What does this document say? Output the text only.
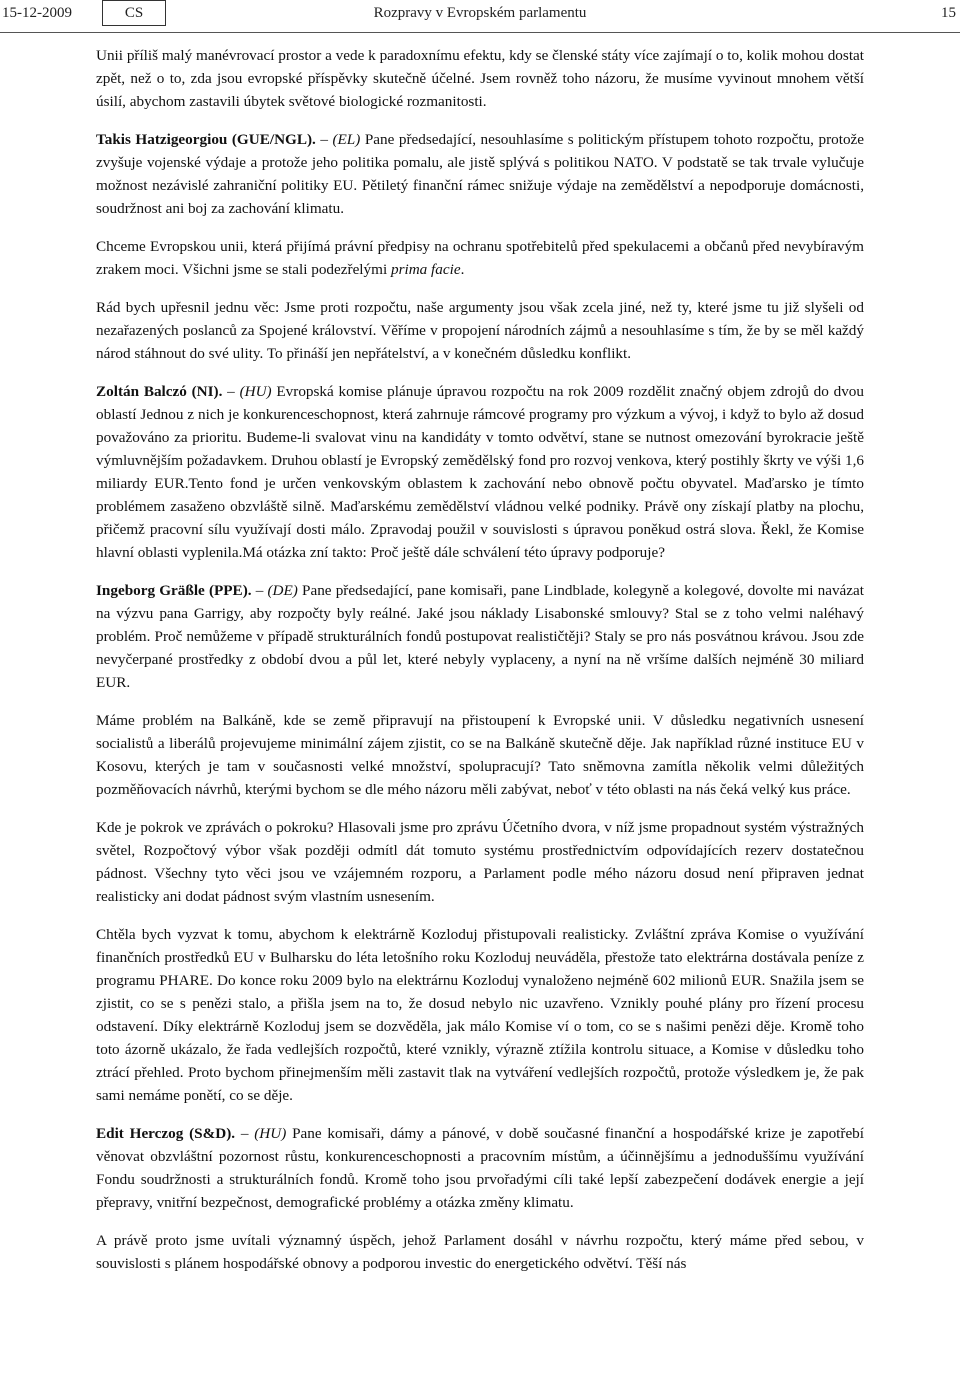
15-12-2009	CS	Rozpravy v Evropském parlamentu	15

Unii příliš malý manévrovací prostor a vede k paradoxnímu efektu, kdy se členské státy více zajímají o to, kolik mohou dostat zpět, než o to, zda jsou evropské příspěvky skutečně účelné. Jsem rovněž toho názoru, že musíme vyvinout mnohem větší úsilí, abychom zastavili úbytek světové biologické rozmanitosti.

Takis Hatzigeorgiou (GUE/NGL). – (EL) Pane předsedající, nesouhlasíme s politickým přístupem tohoto rozpočtu, protože zvyšuje vojenské výdaje a protože jeho politika pomalu, ale jistě splývá s politikou NATO. V podstatě se tak trvale vylučuje možnost nezávislé zahraniční politiky EU. Pětiletý finanční rámec snižuje výdaje na zemědělství a nepodporuje domácnosti, soudržnost ani boj za zachování klimatu.

Chceme Evropskou unii, která přijímá právní předpisy na ochranu spotřebitelů před spekulacemi a občanů před nevybíravým zrakem moci. Všichni jsme se stali podezřelými prima facie.

Rád bych upřesnil jednu věc: Jsme proti rozpočtu, naše argumenty jsou však zcela jiné, než ty, které jsme tu již slyšeli od nezařazených poslanců za Spojené království. Věříme v propojení národních zájmů a nesouhlasíme s tím, že by se měl každý národ stáhnout do své ulity. To přináší jen nepřátelství, a v konečném důsledku konflikt.

Zoltán Balczó (NI). – (HU) Evropská komise plánuje úpravou rozpočtu na rok 2009 rozdělit značný objem zdrojů do dvou oblastí Jednou z nich je konkurenceschopnost, která zahrnuje rámcové programy pro výzkum a vývoj, i když to bylo až dosud považováno za prioritu. Budeme-li svalovat vinu na kandidáty v tomto odvětví, stane se nutnost omezování byrokracie ještě výmluvnějším požadavkem. Druhou oblastí je Evropský zemědělský fond pro rozvoj venkova, který postihly škrty ve výši 1,6 miliardy EUR.Tento fond je určen venkovským oblastem k zachování nebo obnově počtu obyvatel. Maďarsko je tímto problémem zasaženo obzvláště silně. Maďarskému zemědělství vládnou velké podniky. Právě ony získají platby na plochu, přičemž pracovní sílu využívají dosti málo. Zpravodaj použil v souvislosti s úpravou poněkud ostrá slova. Řekl, že Komise hlavní oblasti vyplenila.Má otázka zní takto: Proč ještě dále schválení této úpravy podporuje?

Ingeborg Gräßle (PPE). – (DE) Pane předsedající, pane komisaři, pane Lindblade, kolegyně a kolegové, dovolte mi navázat na výzvu pana Garrigy, aby rozpočty byly reálné. Jaké jsou náklady Lisabonské smlouvy? Stal se z toho velmi naléhavý problém. Proč nemůžeme v případě strukturálních fondů postupovat realističtěji? Staly se pro nás posvátnou krávou. Jsou zde nevyčerpané prostředky z období dvou a půl let, které nebyly vyplaceny, a nyní na ně vršíme dalších nejméně 30 miliard EUR.

Máme problém na Balkáně, kde se země připravují na přistoupení k Evropské unii. V důsledku negativních usnesení socialistů a liberálů projevujeme minimální zájem zjistit, co se na Balkáně skutečně děje. Jak například různé instituce EU v Kosovu, kterých je tam v současnosti velké množství, spolupracují? Tato sněmovna zamítla několik velmi důležitých pozměňovacích návrhů, kterými bychom se dle mého názoru měli zabývat, neboť v této oblasti na nás čeká velký kus práce.

Kde je pokrok ve zprávách o pokroku? Hlasovali jsme pro zprávu Účetního dvora, v níž jsme propadnout systém výstražných světel, Rozpočtový výbor však později odmítl dát tomuto systému prostřednictvím odpovídajících rezerv dostatečnou pádnost. Všechny tyto věci jsou ve vzájemném rozporu, a Parlament podle mého názoru dosud není připraven jednat realisticky ani dodat pádnost svým vlastním usnesením.

Chtěla bych vyzvat k tomu, abychom k elektrárně Kozloduj přistupovali realisticky. Zvláštní zpráva Komise o využívání finančních prostředků EU v Bulharsku do léta letošního roku Kozloduj neuváděla, přestože tato elektrárna dostávala peníze z programu PHARE. Do konce roku 2009 bylo na elektrárnu Kozloduj vynaloženo nejméně 602 milionů EUR. Snažila jsem se zjistit, co se s penězi stalo, a přišla jsem na to, že dosud nebylo nic uzavřeno. Vznikly pouhé plány pro řízení procesu odstavení. Díky elektrárně Kozloduj jsem se dozvěděla, jak málo Komise ví o tom, co se s našimi penězi děje. Kromě toho toto ázorně ukázalo, že řada vedlejších rozpočtů, které vznikly, výrazně ztížila kontrolu situace, a Komise v důsledku toho ztrácí přehled. Proto bychom přinejmenším měli zastavit tlak na vytváření vedlejších rozpočtů, protože výsledkem je, že pak sami nemáme ponětí, co se děje.

Edit Herczog (S&D). – (HU) Pane komisaři, dámy a pánové, v době současné finanční a hospodářské krize je zapotřebí věnovat obzvláštní pozornost růstu, konkurenceschopnosti a pracovním místům, a účinnějšímu a jednoduššímu využívání Fondu soudržnosti a strukturálních fondů. Kromě toho jsou prvořadými cíli také lepší zabezpečení dodávek energie a její přepravy, vnitřní bezpečnost, demografické problémy a otázka změny klimatu.

A právě proto jsme uvítali významný úspěch, jehož Parlament dosáhl v návrhu rozpočtu, který máme před sebou, v souvislosti s plánem hospodářské obnovy a podporou investic do energetického odvětví. Těší nás
